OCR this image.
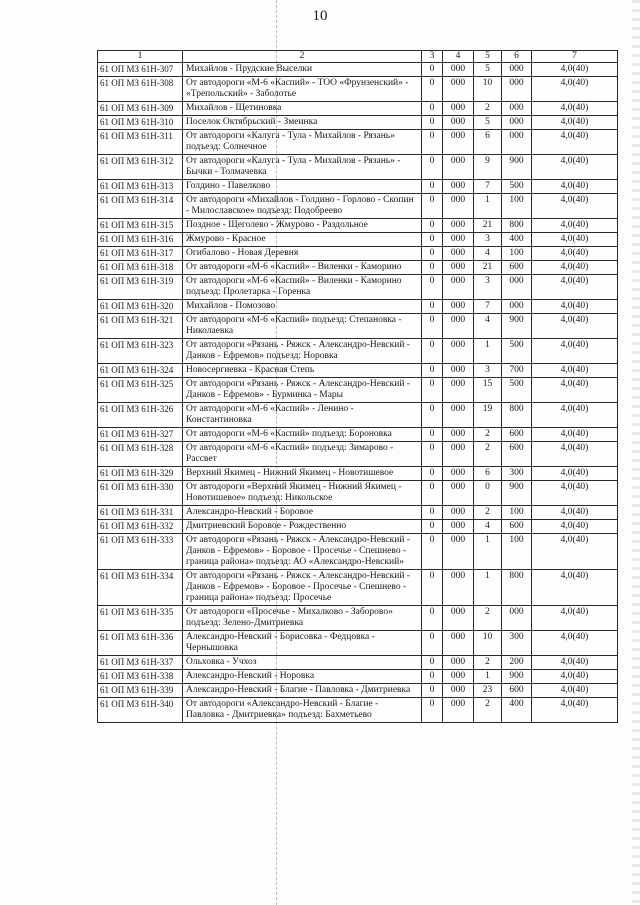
10
1	2	3	4	5	6	7
61 ОП МЗ 61Н-307	Михайлов - Прудские Выселки	0	000	5	000	4,0(40)
61 ОП МЗ 61Н-308	От автодороги «М-6 «Каспий» - ТОО «Фрунзенский» - «Трепольский» - Заболотье	0	000	10	000	4,0(40)
61 ОП МЗ 61Н-309	Михайлов - Щетиновка	0	000	2	000	4,0(40)
61 ОП МЗ 61Н-310	Поселок Октябрьский - Змеинка	0	000	5	000	4,0(40)
61 ОП МЗ 61Н-311	От автодороги «Калуга - Тула - Михайлов - Рязань» подъезд: Солнечное	0	000	6	000	4,0(40)
61 ОП МЗ 61Н-312	От автодороги «Калуга - Тула - Михайлов - Рязань» - Бычки - Толмачевка	0	000	9	900	4,0(40)
61 ОП МЗ 61Н-313	Голдино - Павелково	0	000	7	500	4,0(40)
61 ОП МЗ 61Н-314	От автодороги «Михайлов - Голдино - Горлово - Скопин - Милославское» подъезд: Подобреево	0	000	1	100	4,0(40)
61 ОП МЗ 61Н-315	Поздное - Щеголево - Жмурово - Раздольное	0	000	21	800	4,0(40)
61 ОП МЗ 61Н-316	Жмурово - Красное	0	000	3	400	4,0(40)
61 ОП МЗ 61Н-317	Огибалово - Новая Деревня	0	000	4	100	4,0(40)
61 ОП МЗ 61Н-318	От автодороги «М-6 «Каспий» - Виленки - Каморино	0	000	21	600	4,0(40)
61 ОП МЗ 61Н-319	От автодороги «М-6 «Каспий» - Виленки - Каморино подъезд: Пролетарка - Горенка	0	000	3	000	4,0(40)
61 ОП МЗ 61Н-320	Михайлов - Помозово	0	000	7	000	4,0(40)
61 ОП МЗ 61Н-321	От автодороги «М-6 «Каспий» подъезд: Степановка - Николаевка	0	000	4	900	4,0(40)
61 ОП МЗ 61Н-323	От автодороги «Рязань - Ряжск - Александро-Невский - Данков - Ефремов» подъезд: Норовка	0	000	1	500	4,0(40)
61 ОП МЗ 61Н-324	Новосергиевка - Красная Степь	0	000	3	700	4,0(40)
61 ОП МЗ 61Н-325	От автодороги «Рязань - Ряжск - Александро-Невский - Данков - Ефремов» - Бурминка - Мары	0	000	15	500	4,0(40)
61 ОП МЗ 61Н-326	От автодороги «М-6 «Каспий» - Ленино - Константиновка	0	000	19	800	4,0(40)
61 ОП МЗ 61Н-327	От автодороги «М-6 «Каспий» подъезд: Бороновка	0	000	2	600	4,0(40)
61 ОП МЗ 61Н-328	От автодороги «М-6 «Каспий» подъезд: Зимарово - Рассвет	0	000	2	600	4,0(40)
61 ОП МЗ 61Н-329	Верхний Якимец - Нижний Якимец - Новотишевое	0	000	6	300	4,0(40)
61 ОП МЗ 61Н-330	От автодороги «Верхний Якимец - Нижний Якимец - Новотишевое» подъезд: Никольское	0	000	0	900	4,0(40)
61 ОП МЗ 61Н-331	Александро-Невский - Боровое	0	000	2	100	4,0(40)
61 ОП МЗ 61Н-332	Дмитриевский Боровое - Рождественно	0	000	4	600	4,0(40)
61 ОП МЗ 61Н-333	От автодороги «Рязань - Ряжск - Александро-Невский - Данков - Ефремов» - Боровое - Просечье - Спешнево - граница района» подъезд: АО «Александро-Невский»	0	000	1	100	4,0(40)
61 ОП МЗ 61Н-334	От автодороги «Рязань - Ряжск - Александро-Невский - Данков - Ефремов» - Боровое - Просечье - Спешнево - граница района» подъезд: Просечье	0	000	1	800	4,0(40)
61 ОП МЗ 61Н-335	От автодороги «Просечье - Михалково - Заборово» подъезд: Зелено-Дмитриевка	0	000	2	000	4,0(40)
61 ОП МЗ 61Н-336	Александро-Невский - Борисовка - Федцовка - Чернышовка	0	000	10	300	4,0(40)
61 ОП МЗ 61Н-337	Ольховка - Учхоз	0	000	2	200	4,0(40)
61 ОП МЗ 61Н-338	Александро-Невский - Норовка	0	000	1	900	4,0(40)
61 ОП МЗ 61Н-339	Александро-Невский - Благие - Павловка - Дмитриевка	0	000	23	600	4,0(40)
61 ОП МЗ 61Н-340	От автодороги «Александро-Невский - Благие - Павловка - Дмитриевка» подъезд: Бахметьево	0	000	2	400	4,0(40)
